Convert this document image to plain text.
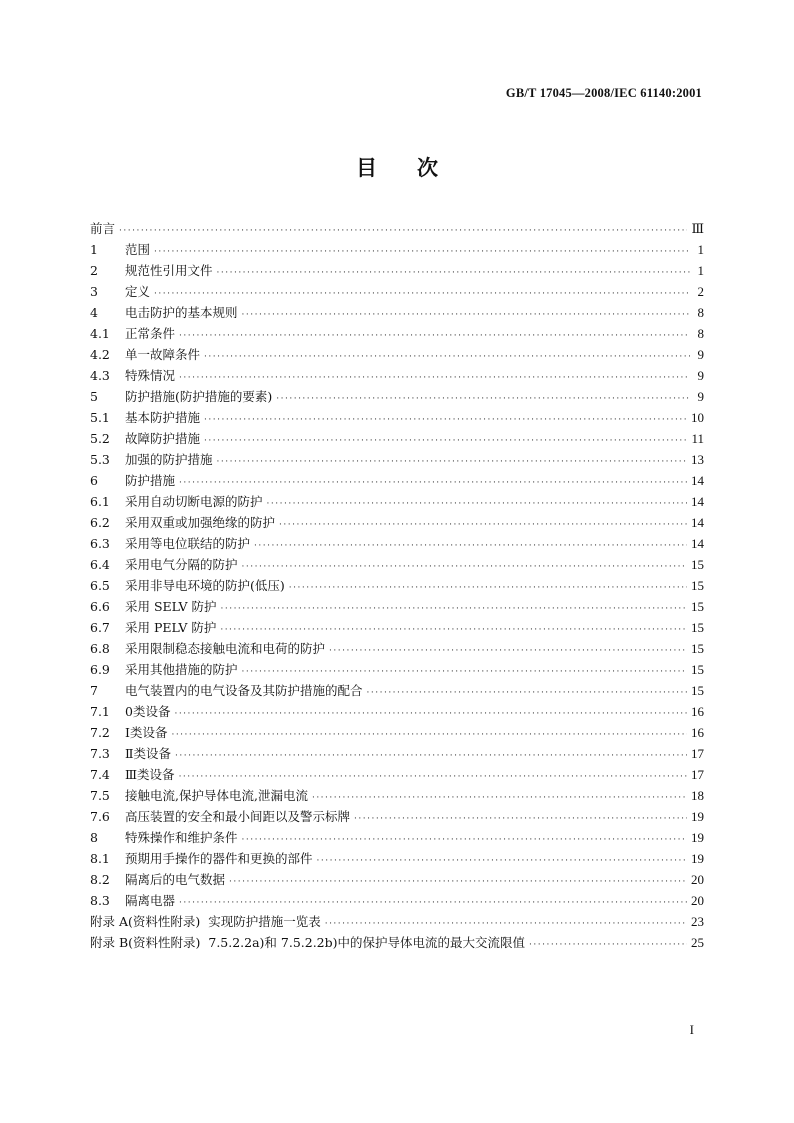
GB/T 17045—2008/IEC 61140:2001
目 次
前言 ·····	Ⅲ
1	范围 ·····	1
2	规范性引用文件 ·····	1
3	定义 ·····	2
4	电击防护的基本规则 ·····	8
4.1	正常条件 ·····	8
4.2	单一故障条件 ·····	9
4.3	特殊情况 ·····	9
5	防护措施(防护措施的要素) ·····	9
5.1	基本防护措施 ·····	10
5.2	故障防护措施 ·····	11
5.3	加强的防护措施 ·····	13
6	防护措施 ·····	14
6.1	采用自动切断电源的防护 ·····	14
6.2	采用双重或加强绝缘的防护 ·····	14
6.3	采用等电位联结的防护 ·····	14
6.4	采用电气分隔的防护 ·····	15
6.5	采用非导电环境的防护(低压) ·····	15
6.6	采用 SELV 防护 ·····	15
6.7	采用 PELV 防护 ·····	15
6.8	采用限制稳态接触电流和电荷的防护 ·····	15
6.9	采用其他措施的防护 ·····	15
7	电气装置内的电气设备及其防护措施的配合 ·····	15
7.1	0类设备 ·····	16
7.2	Ⅰ类设备 ·····	16
7.3	Ⅱ类设备 ·····	17
7.4	Ⅲ类设备 ·····	17
7.5	接触电流,保护导体电流,泄漏电流 ·····	18
7.6	高压装置的安全和最小间距以及警示标牌 ·····	19
8	特殊操作和维护条件 ·····	19
8.1	预期用手操作的器件和更换的部件 ·····	19
8.2	隔离后的电气数据 ·····	20
8.3	隔离电器 ·····	20
附录 A(资料性附录)  实现防护措施一览表 ·····	23
附录 B(资料性附录)  7.5.2.2a)和 7.5.2.2b)中的保护导体电流的最大交流限值 ·····	25
I
